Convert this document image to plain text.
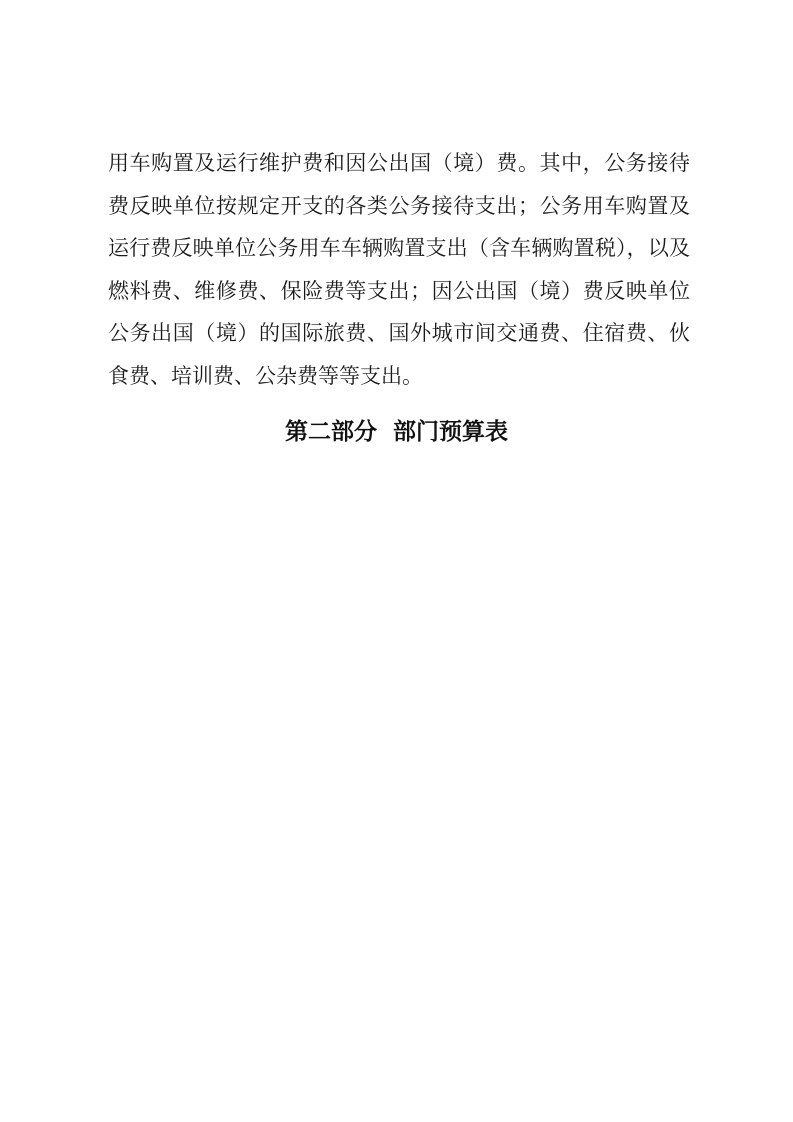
用车购置及运行维护费和因公出国（境）费。其中，公务接待
费反映单位按规定开支的各类公务接待支出；公务用车购置及
运行费反映单位公务用车车辆购置支出（含车辆购置税），以及
燃料费、维修费、保险费等支出；因公出国（境）费反映单位
公务出国（境）的国际旅费、国外城市间交通费、住宿费、伙
食费、培训费、公杂费等等支出。
第二部分  部门预算表
